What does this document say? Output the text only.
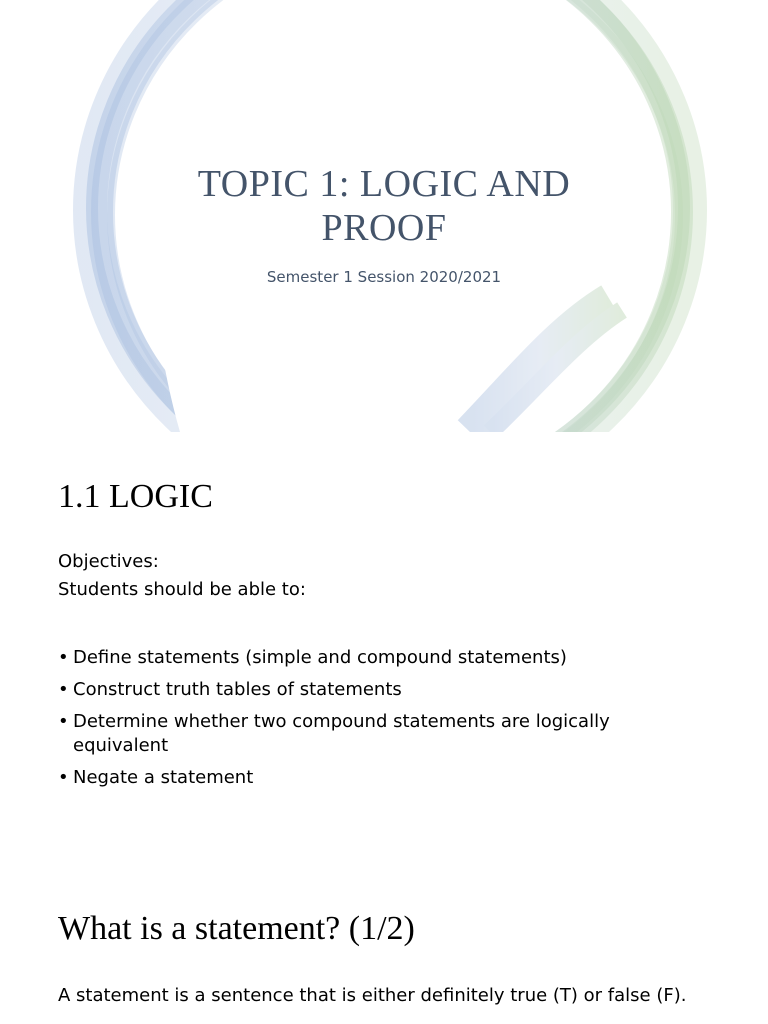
TOPIC 1: LOGIC AND PROOF
Semester 1 Session 2020/2021
1.1 LOGIC
Objectives:
Students should be able to:
• Define statements (simple and compound statements)
• Construct truth tables of statements
• Determine whether two compound statements are logically equivalent
• Negate a statement
What is a statement? (1/2)
A statement is a sentence that is either definitely true (T) or false (F).
